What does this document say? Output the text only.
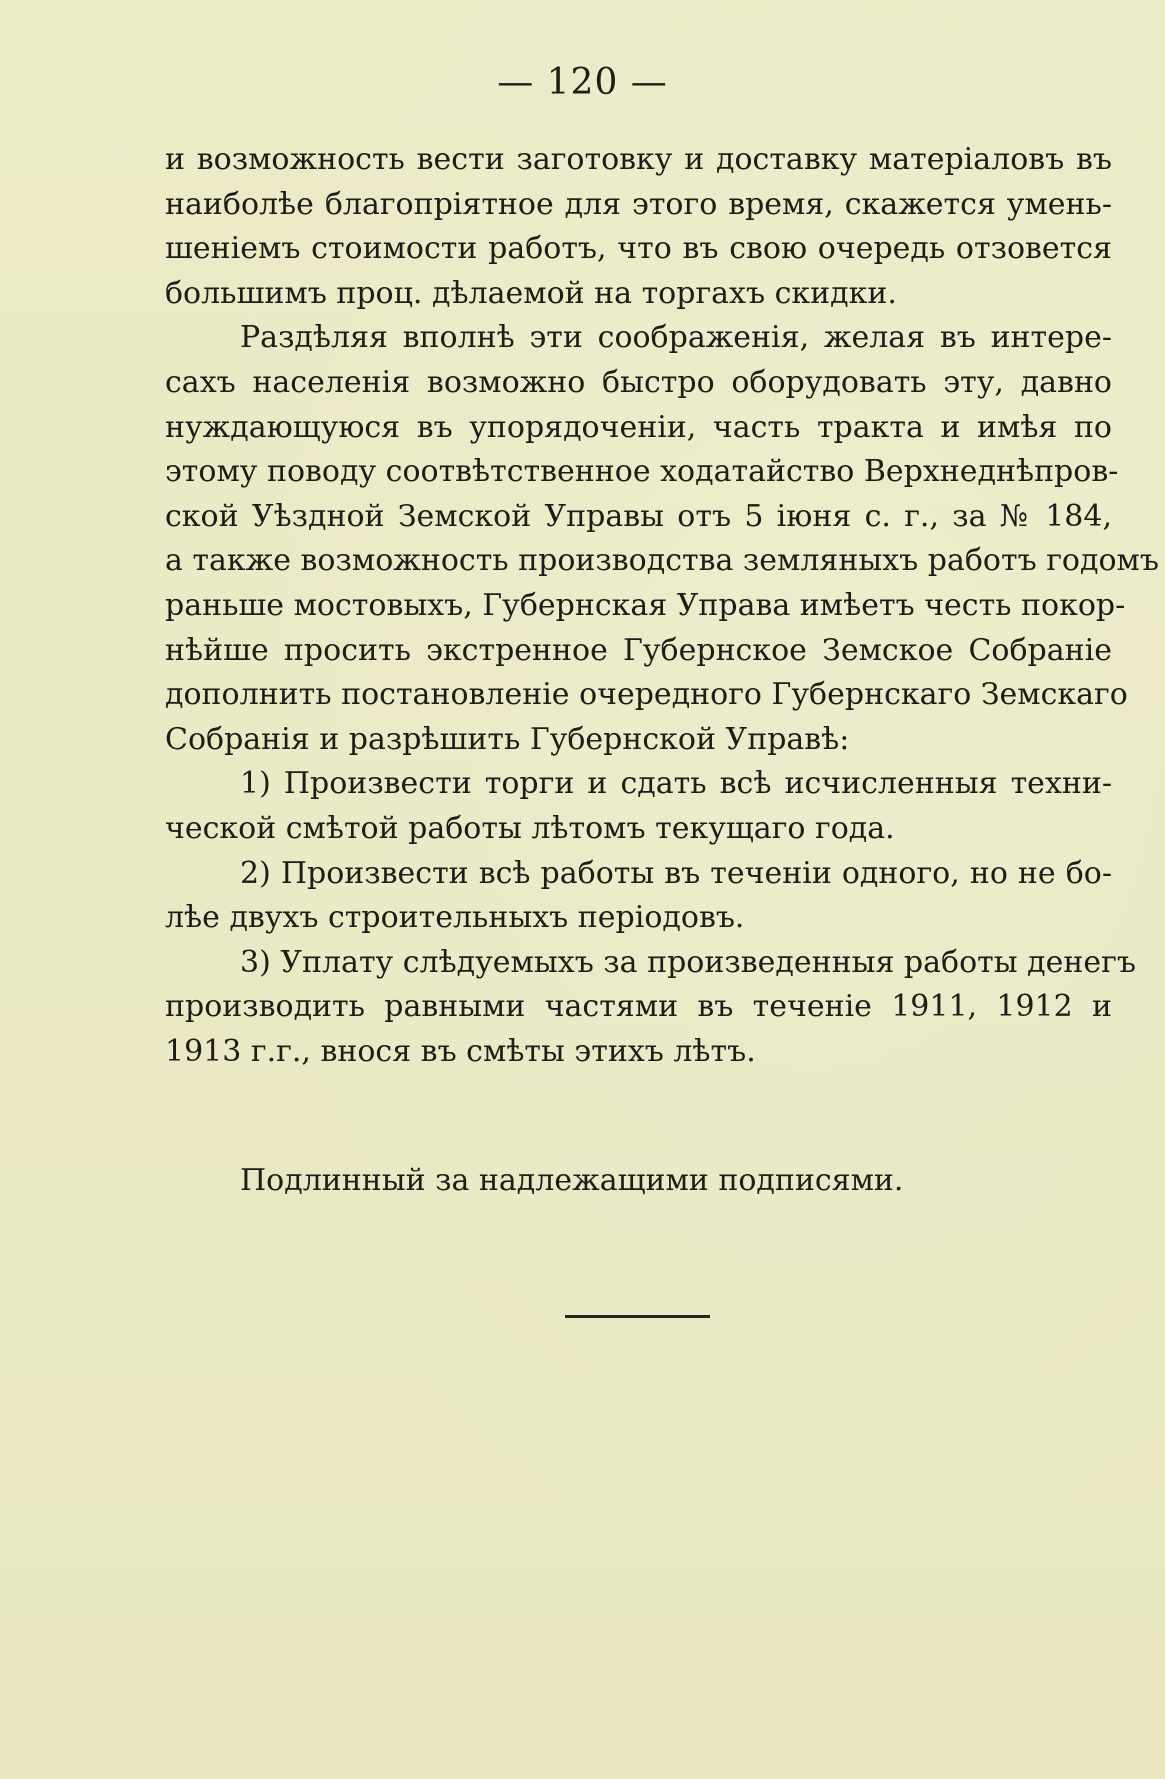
— 120 —
и возможность вести заготовку и доставку матеріаловъ въ
наиболѣе благопріятное для этого время, скажется умень-
шеніемъ стоимости работъ, что въ свою очередь отзовется
большимъ проц. дѣлаемой на торгахъ скидки.
Раздѣляя вполнѣ эти соображенія, желая въ интере-
сахъ населенія возможно быстро оборудовать эту, давно
нуждающуюся въ упорядоченіи, часть тракта и имѣя по
этому поводу соотвѣтственное ходатайство Верхнеднѣпров-
ской Уѣздной Земской Управы отъ 5 іюня с. г., за № 184,
а также возможность производства земляныхъ работъ годомъ
раньше мостовыхъ, Губернская Управа имѣетъ честь покор-
нѣйше просить экстренное Губернское Земское Собраніе
дополнить постановленіе очередного Губернскаго Земскаго
Собранія и разрѣшить Губернской Управѣ:
1) Произвести торги и сдать всѣ исчисленныя техни-
ческой смѣтой работы лѣтомъ текущаго года.
2) Произвести всѣ работы въ теченіи одного, но не бо-
лѣе двухъ строительныхъ періодовъ.
3) Уплату слѣдуемыхъ за произведенныя работы денегъ
производить равными частями въ теченіе 1911, 1912 и
1913 г.г., внося въ смѣты этихъ лѣтъ.
Подлинный за надлежащими подписями.
